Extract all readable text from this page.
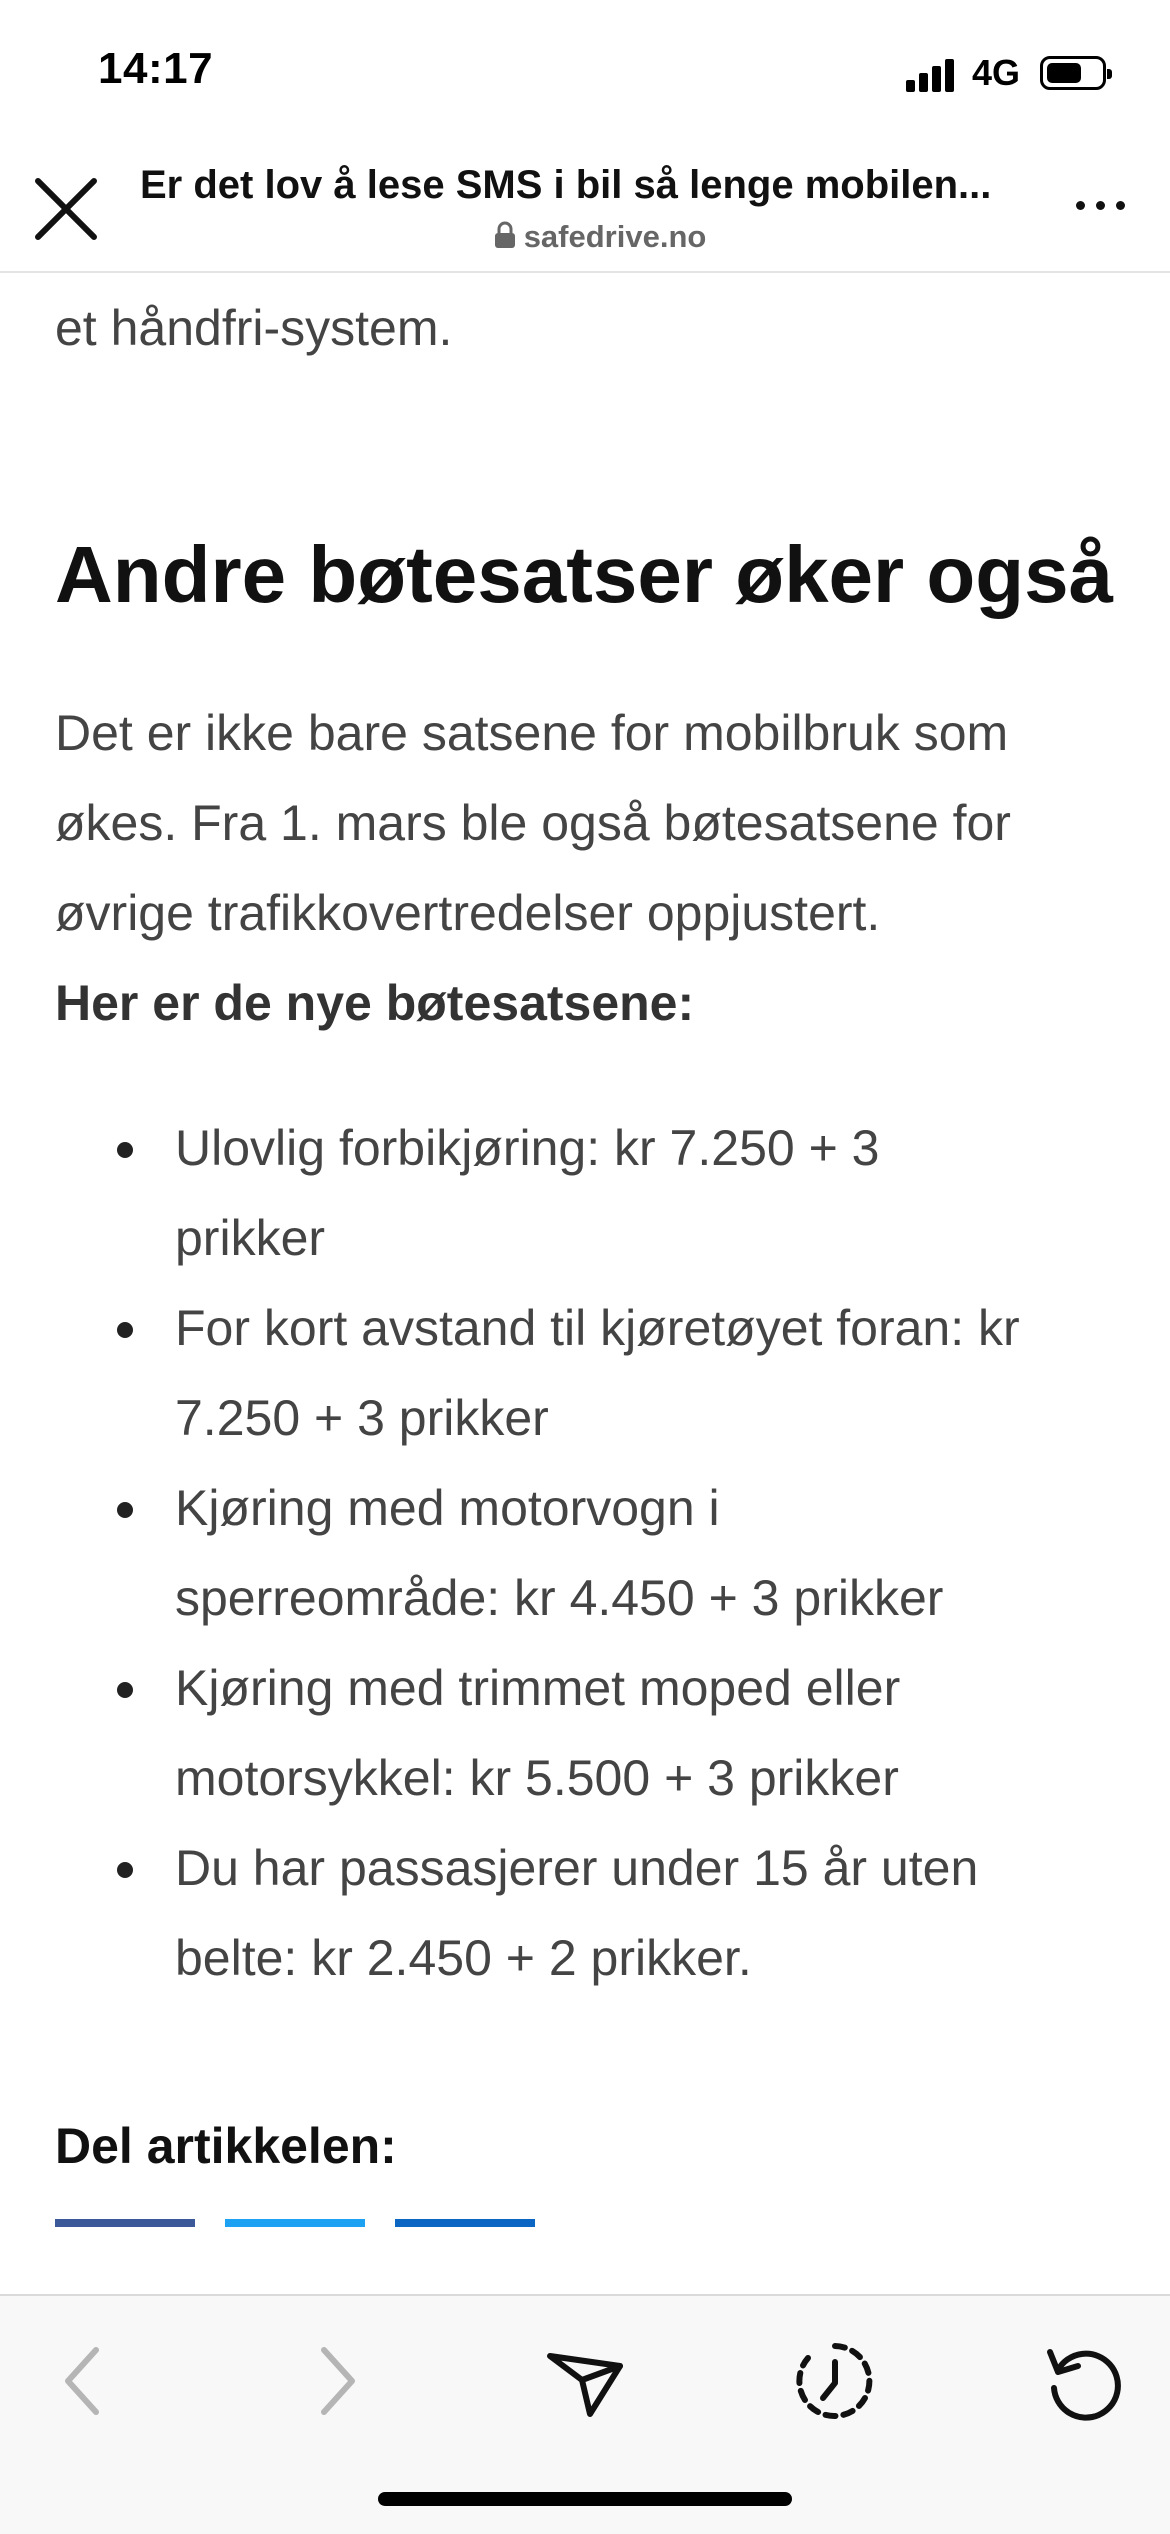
14:17	4G
Er det lov å lese SMS i bil så lenge mobilen...
safedrive.no

et håndfri-system.

Andre bøtesatser øker også

Det er ikke bare satsene for mobilbruk som
økes. Fra 1. mars ble også bøtesatsene for
øvrige trafikkovertredelser oppjustert.

Her er de nye bøtesatsene:

Ulovlig forbikjøring: kr 7.250 + 3
prikker
For kort avstand til kjøretøyet foran: kr
7.250 + 3 prikker
Kjøring med motorvogn i
sperreområde: kr 4.450 + 3 prikker
Kjøring med trimmet moped eller
motorsykkel: kr 5.500 + 3 prikker
Du har passasjerer under 15 år uten
belte: kr 2.450 + 2 prikker.
Del artikkelen:
